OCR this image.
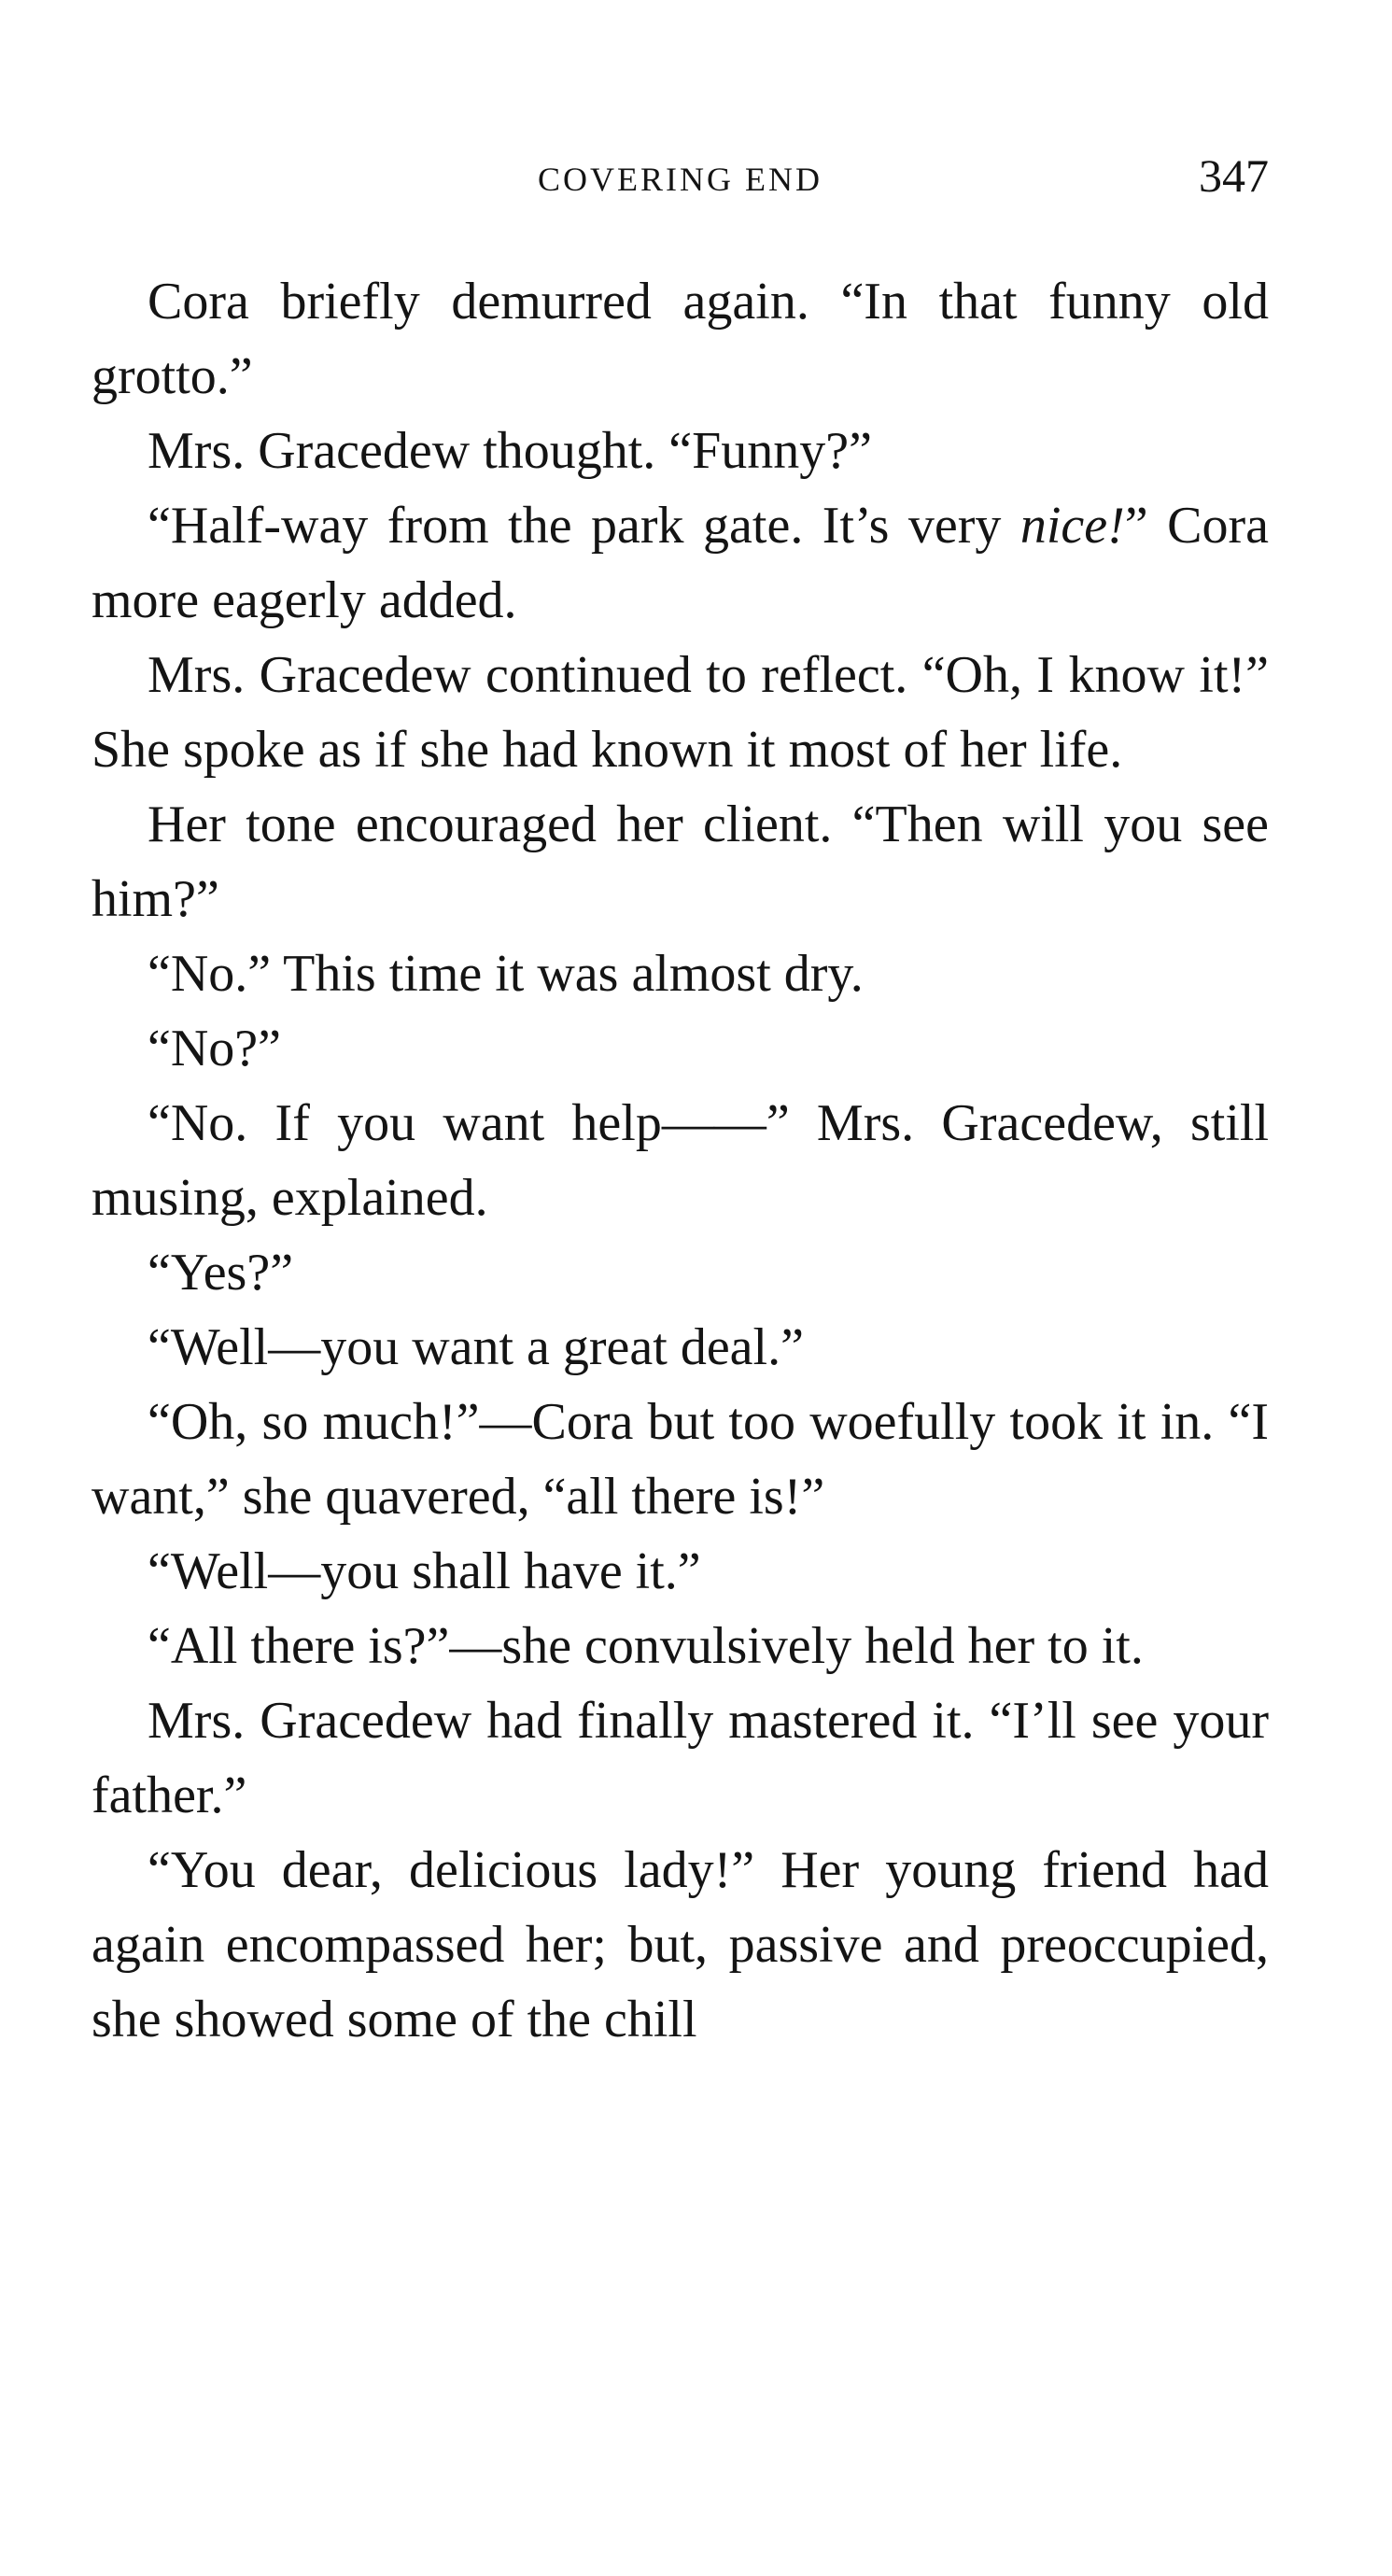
COVERING END	347

Cora briefly demurred again. “In that funny old grotto.”

Mrs. Gracedew thought. “Funny?”

“Half-way from the park gate. It’s very nice!” Cora more eagerly added.

Mrs. Gracedew continued to reflect. “Oh, I know it!” She spoke as if she had known it most of her life.

Her tone encouraged her client. “Then will you see him?”

“No.” This time it was almost dry.

“No?”

“No. If you want help——” Mrs. Gracedew, still musing, explained.

“Yes?”

“Well—you want a great deal.”

“Oh, so much!”—Cora but too woefully took it in. “I want,” she quavered, “all there is!”

“Well—you shall have it.”

“All there is?”—she convulsively held her to it.

Mrs. Gracedew had finally mastered it. “I’ll see your father.”

“You dear, delicious lady!” Her young friend had again encompassed her; but, passive and preoccupied, she showed some of the chill
